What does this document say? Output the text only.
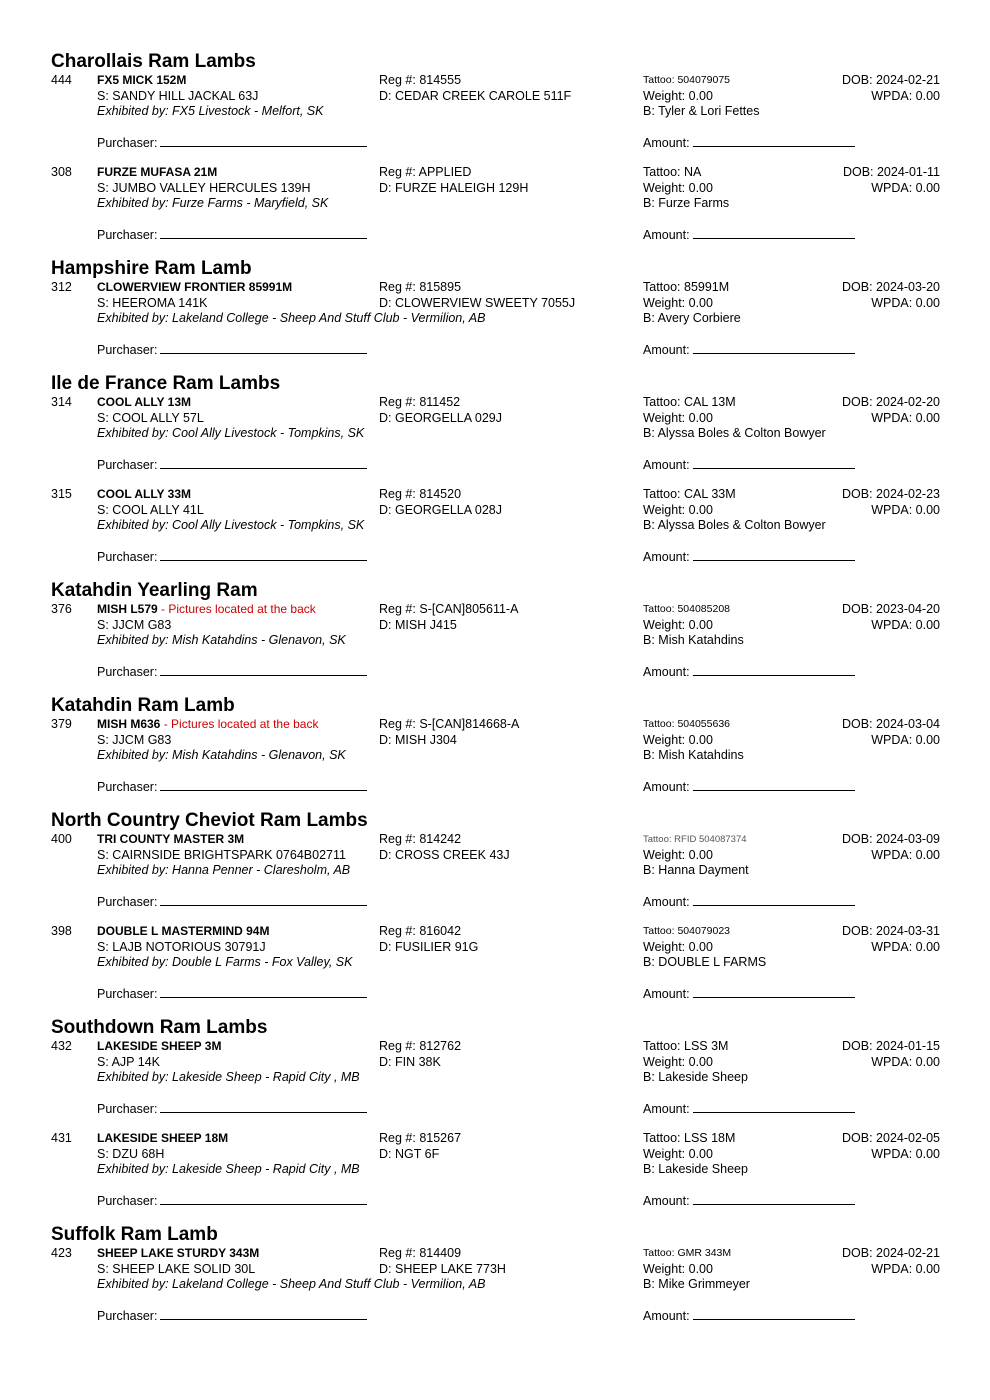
Charollais Ram Lambs
444 FX5 MICK 152M	Reg #: 814555	Tattoo: 504079075	DOB: 2024-02-21
S: SANDY HILL JACKAL 63J	D: CEDAR CREEK CAROLE 511F	Weight: 0.00	WPDA: 0.00
Exhibited by: FX5 Livestock - Melfort, SK	B: Tyler & Lori Fettes
Purchaser:	Amount:
308 FURZE MUFASA 21M	Reg #: APPLIED	Tattoo: NA	DOB: 2024-01-11
S: JUMBO VALLEY HERCULES 139H	D: FURZE HALEIGH 129H	Weight: 0.00	WPDA: 0.00
Exhibited by: Furze Farms - Maryfield, SK	B: Furze Farms
Purchaser:	Amount:
Hampshire Ram Lamb
312 CLOWERVIEW FRONTIER 85991M	Reg #: 815895	Tattoo: 85991M	DOB: 2024-03-20
S: HEEROMA 141K	D: CLOWERVIEW SWEETY 7055J	Weight: 0.00	WPDA: 0.00
Exhibited by: Lakeland College - Sheep And Stuff Club - Vermilion, AB	B: Avery Corbiere
Purchaser:	Amount:
Ile de France Ram Lambs
314 COOL ALLY 13M	Reg #: 811452	Tattoo: CAL 13M	DOB: 2024-02-20
S: COOL ALLY 57L	D: GEORGELLA 029J	Weight: 0.00	WPDA: 0.00
Exhibited by: Cool Ally Livestock - Tompkins, SK	B: Alyssa Boles & Colton Bowyer
Purchaser:	Amount:
315 COOL ALLY 33M	Reg #: 814520	Tattoo: CAL 33M	DOB: 2024-02-23
S: COOL ALLY 41L	D: GEORGELLA 028J	Weight: 0.00	WPDA: 0.00
Exhibited by: Cool Ally Livestock - Tompkins, SK	B: Alyssa Boles & Colton Bowyer
Purchaser:	Amount:
Katahdin Yearling Ram
376 MISH L579 - Pictures located at the back	Reg #: S-[CAN]805611-A	Tattoo: 504085208	DOB: 2023-04-20
S: JJCM G83	D: MISH J415	Weight: 0.00	WPDA: 0.00
Exhibited by: Mish Katahdins - Glenavon, SK	B: Mish Katahdins
Purchaser:	Amount:
Katahdin Ram Lamb
379 MISH M636 - Pictures located at the back	Reg #: S-[CAN]814668-A	Tattoo: 504055636	DOB: 2024-03-04
S: JJCM G83	D: MISH J304	Weight: 0.00	WPDA: 0.00
Exhibited by: Mish Katahdins - Glenavon, SK	B: Mish Katahdins
Purchaser:	Amount:
North Country Cheviot Ram Lambs
400 TRI COUNTY MASTER 3M	Reg #: 814242	Tattoo: RFID 504087374	DOB: 2024-03-09
S: CAIRNSIDE BRIGHTSPARK 0764B02711	D: CROSS CREEK 43J	Weight: 0.00	WPDA: 0.00
Exhibited by: Hanna Penner - Claresholm, AB	B: Hanna Dayment
Purchaser:	Amount:
398 DOUBLE L MASTERMIND 94M	Reg #: 816042	Tattoo: 504079023	DOB: 2024-03-31
S: LAJB NOTORIOUS 30791J	D: FUSILIER 91G	Weight: 0.00	WPDA: 0.00
Exhibited by: Double L Farms - Fox Valley, SK	B: DOUBLE L FARMS
Purchaser:	Amount:
Southdown Ram Lambs
432 LAKESIDE SHEEP 3M	Reg #: 812762	Tattoo: LSS 3M	DOB: 2024-01-15
S: AJP 14K	D: FIN 38K	Weight: 0.00	WPDA: 0.00
Exhibited by: Lakeside Sheep - Rapid City , MB	B: Lakeside Sheep
Purchaser:	Amount:
431 LAKESIDE SHEEP 18M	Reg #: 815267	Tattoo: LSS 18M	DOB: 2024-02-05
S: DZU 68H	D: NGT 6F	Weight: 0.00	WPDA: 0.00
Exhibited by: Lakeside Sheep - Rapid City , MB	B: Lakeside Sheep
Purchaser:	Amount:
Suffolk Ram Lamb
423 SHEEP LAKE STURDY 343M	Reg #: 814409	Tattoo: GMR 343M	DOB: 2024-02-21
S: SHEEP LAKE SOLID 30L	D: SHEEP LAKE 773H	Weight: 0.00	WPDA: 0.00
Exhibited by: Lakeland College - Sheep And Stuff Club - Vermilion, AB	B: Mike Grimmeyer
Purchaser:	Amount:
